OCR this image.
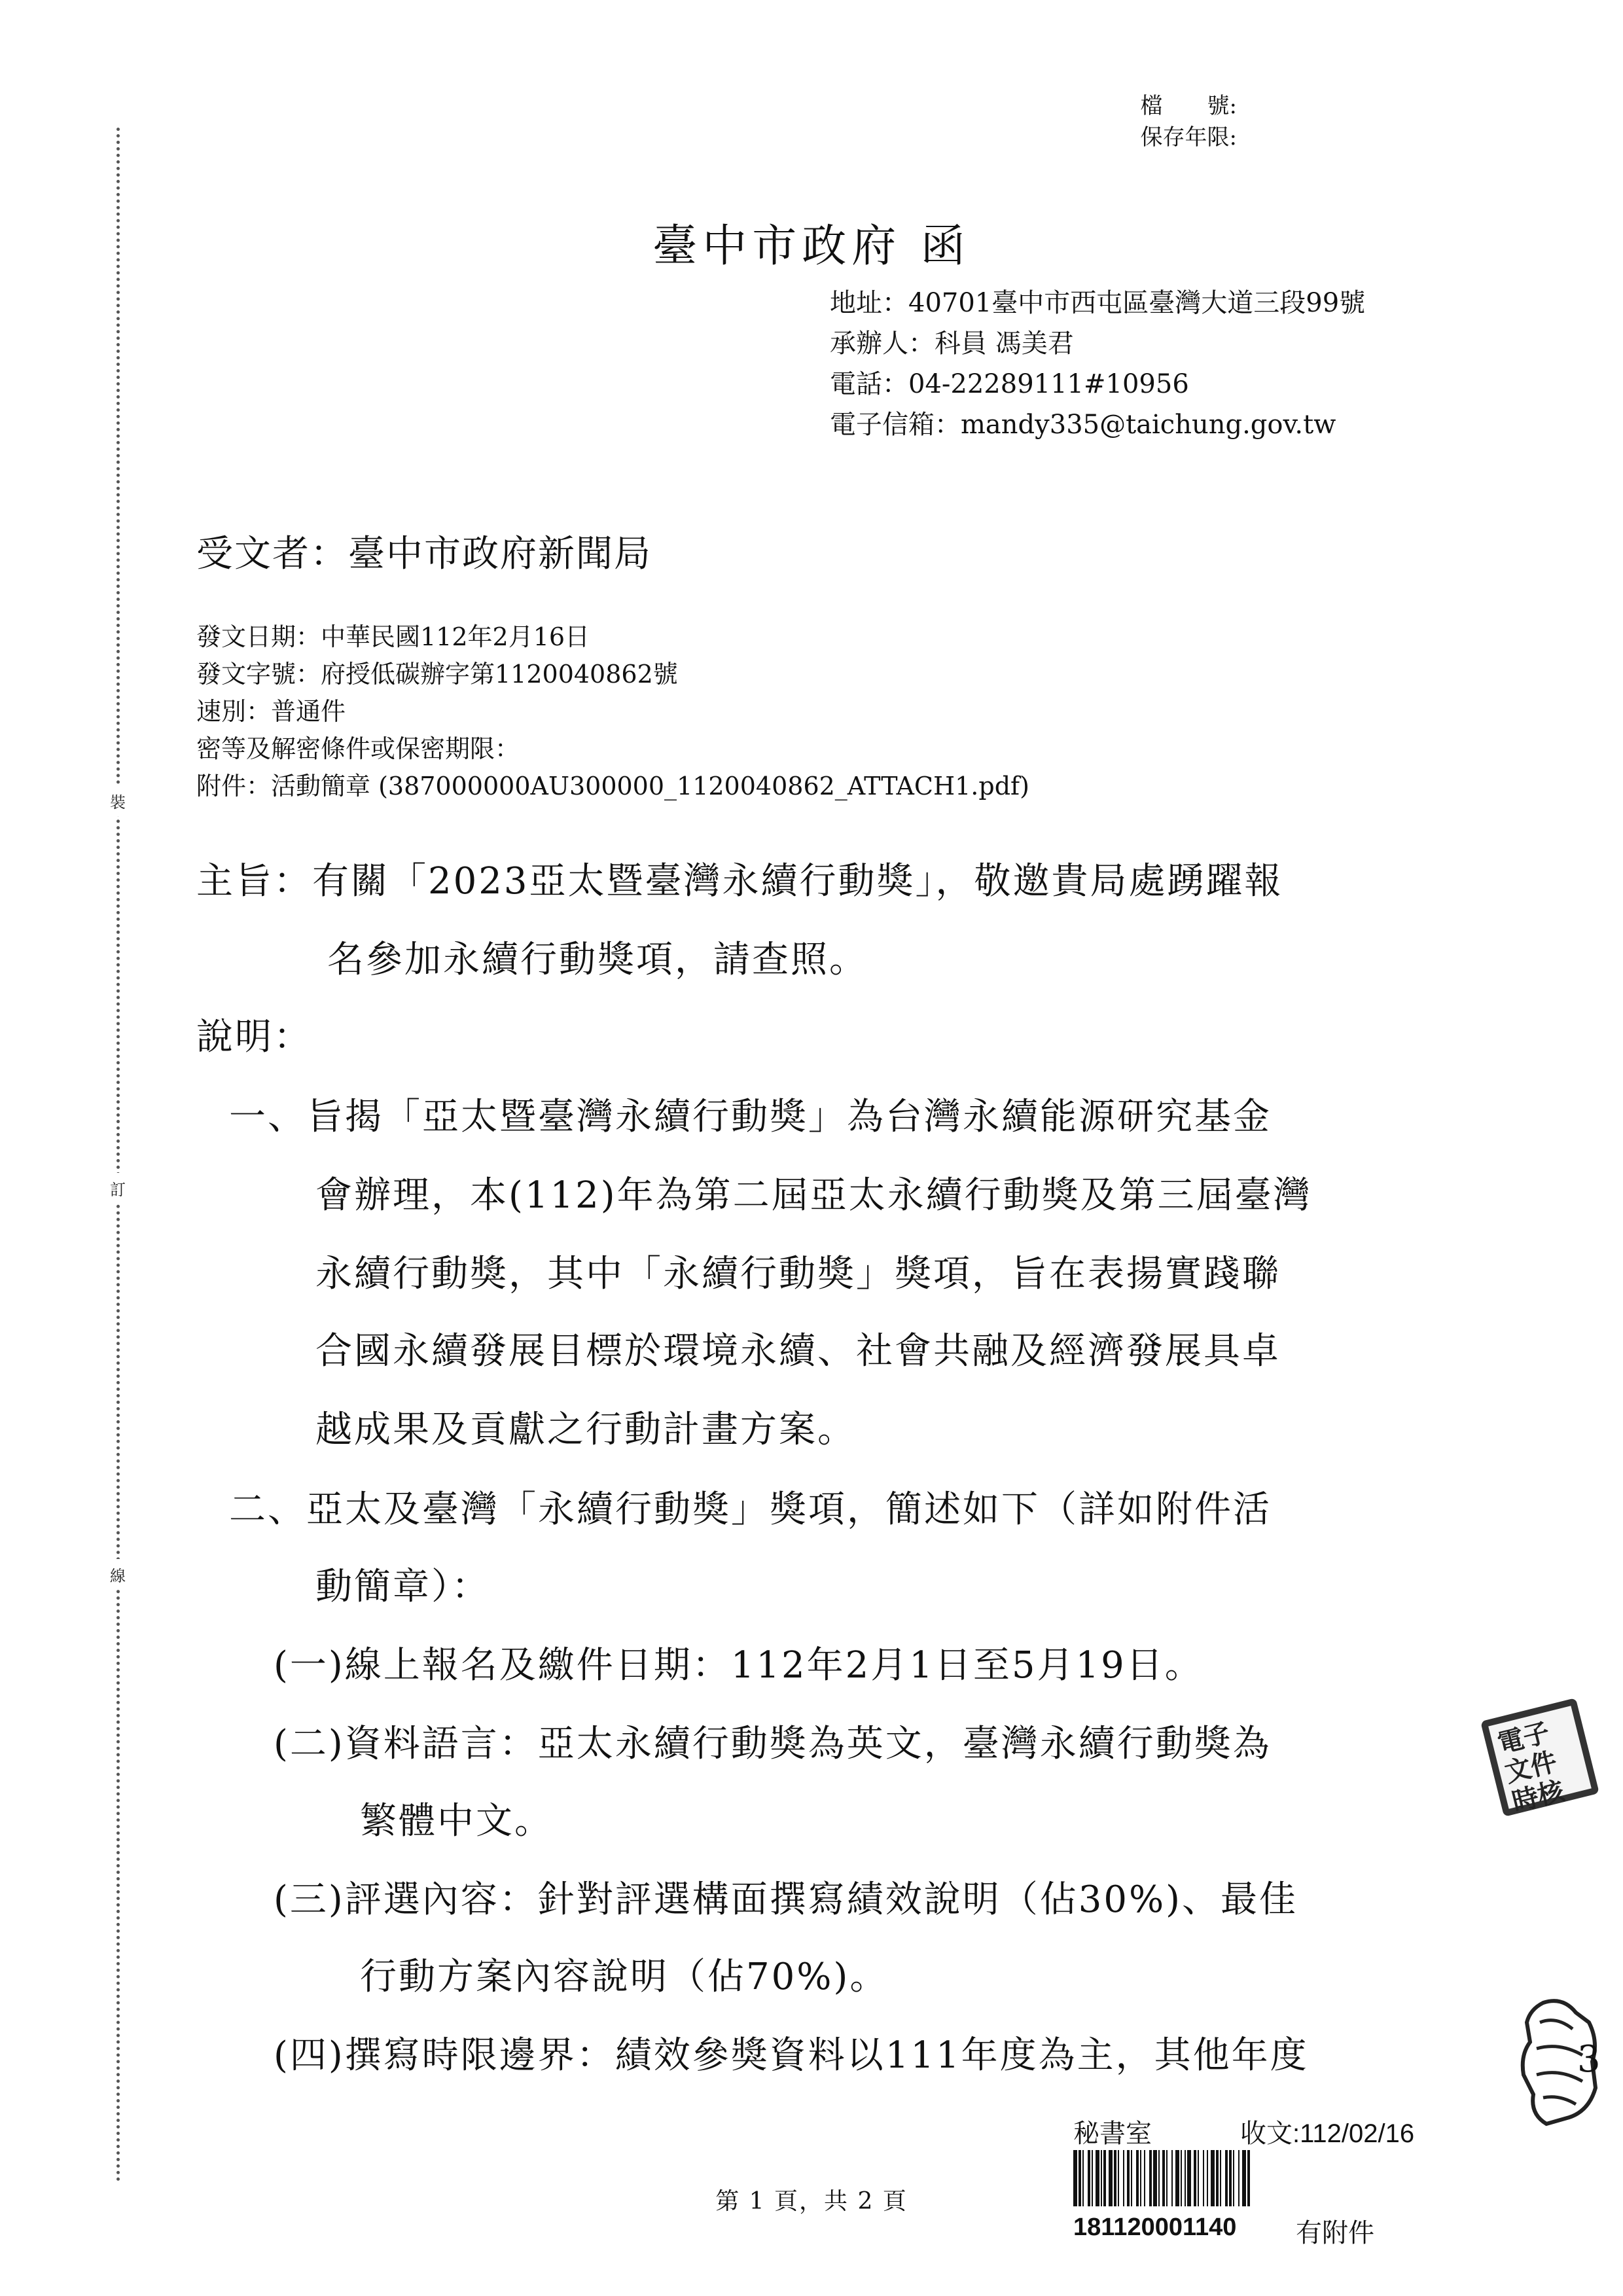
裝
訂
線
檔　　號:
保存年限:
臺中市政府 函
地址：40701臺中市西屯區臺灣大道三段99號
承辦人：科員 馮美君
電話：04-22289111#10956
電子信箱：mandy335@taichung.gov.tw
受文者：臺中市政府新聞局
發文日期：中華民國112年2月16日
發文字號：府授低碳辦字第1120040862號
速別：普通件
密等及解密條件或保密期限：
附件：活動簡章 (387000000AU300000_1120040862_ATTACH1.pdf)
主旨：有關「2023亞太暨臺灣永續行動獎」，敬邀貴局處踴躍報
名參加永續行動獎項，請查照。
說明：
一、旨揭「亞太暨臺灣永續行動獎」為台灣永續能源研究基金
會辦理，本(112)年為第二屆亞太永續行動獎及第三屆臺灣
永續行動獎，其中「永續行動獎」獎項，旨在表揚實踐聯
合國永續發展目標於環境永續、社會共融及經濟發展具卓
越成果及貢獻之行動計畫方案。
二、亞太及臺灣「永續行動獎」獎項，簡述如下（詳如附件活
動簡章）：
(一)線上報名及繳件日期：112年2月1日至5月19日。
(二)資料語言：亞太永續行動獎為英文，臺灣永續行動獎為
繁體中文。
(三)評選內容：針對評選構面撰寫績效說明（佔30%)、最佳
行動方案內容說明（佔70%)。
(四)撰寫時限邊界：績效參獎資料以111年度為主，其他年度
電子文件時核
3
秘書室	收文:112/02/16
181120001140 有附件
第 1 頁，共 2 頁
